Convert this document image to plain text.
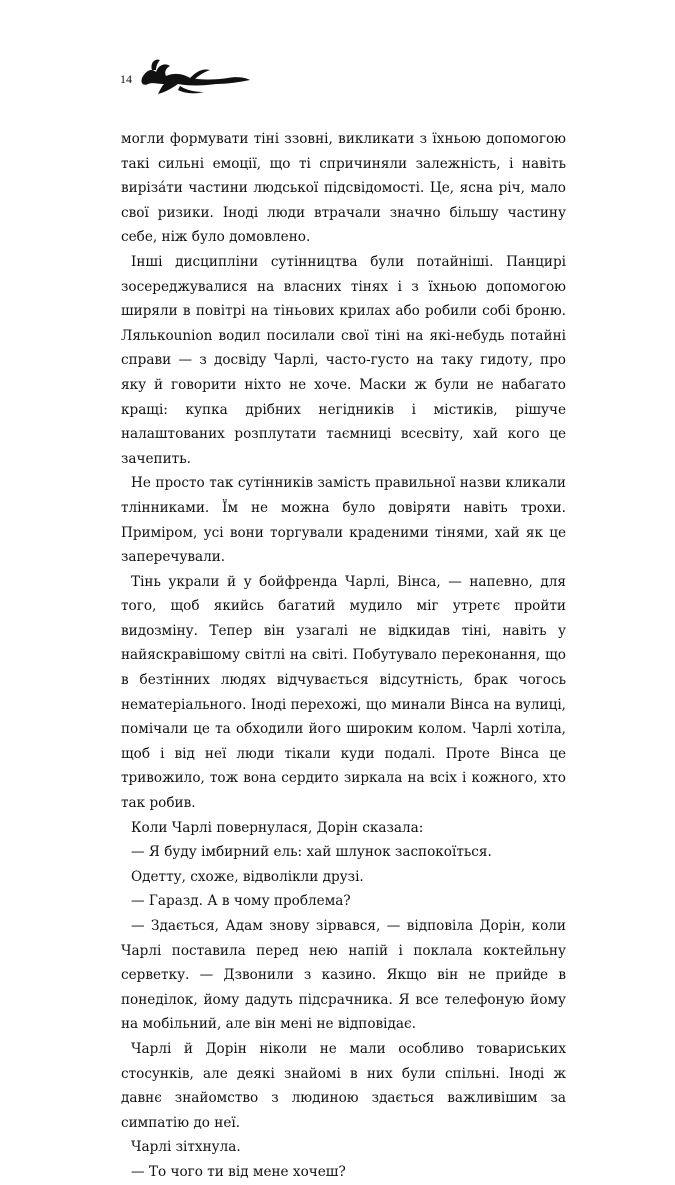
14

могли формувати тіні ззовні, викликати з їхньою допомогою такі сильні емоції, що ті спричиняли залежність, і навіть вирізáти частини людської підсвідомості. Це, ясна річ, мало свої ризики. Іноді люди втрачали значно більшу частину себе, ніж було домовлено.

Інші дисципліни сутінництва були потайніші. Панцирі зосереджувалися на власних тінях і з їхньою допомогою ширяли в повітрі на тіньових крилах або робили собі броню. Лялькоunion водил посилали свої тіні на які-небудь потайні справи — з досвіду Чарлі, часто-густо на таку гидоту, про яку й говорити ніхто не хоче. Маски ж були не набагато кращі: купка дрібних негідників і містиків, рішуче налаштованих розплутати таємниці всесвіту, хай кого це зачепить.

Не просто так сутінників замість правильної назви кликали тлінниками. Їм не можна було довіряти навіть трохи. Приміром, усі вони торгували краденими тінями, хай як це заперечували.

Тінь украли й у бойфренда Чарлі, Вінса, — напевно, для того, щоб якийсь багатий мудило міг утретє пройти видозміну. Тепер він узагалі не відкидав тіні, навіть у найяскравішому світлі на світі. Побутувало переконання, що в безтінних людях відчувається відсутність, брак чогось нематеріального. Іноді перехожі, що минали Вінса на вулиці, помічали це та обходили його широким колом. Чарлі хотіла, щоб і від неї люди тікали куди подалі. Проте Вінса це тривожило, тож вона сердито зиркала на всіх і кожного, хто так робив.

Коли Чарлі повернулася, Дорін сказала:

— Я буду імбирний ель: хай шлунок заспокоїться.

Одетту, схоже, відволікли друзі.

— Гаразд. А в чому проблема?

— Здається, Адам знову зірвався, — відповіла Дорін, коли Чарлі поставила перед нею напій і поклала коктейльну серветку. — Дзвонили з казино. Якщо він не прийде в понеділок, йому дадуть підсрачника. Я все телефоную йому на мобільний, але він мені не відповідає.

Чарлі й Дорін ніколи не мали особливо товариських стосунків, але деякі знайомі в них були спільні. Іноді ж давнє знайомство з людиною здається важливішим за симпатію до неї.

Чарлі зітхнула.

— То чого ти від мене хочеш?
